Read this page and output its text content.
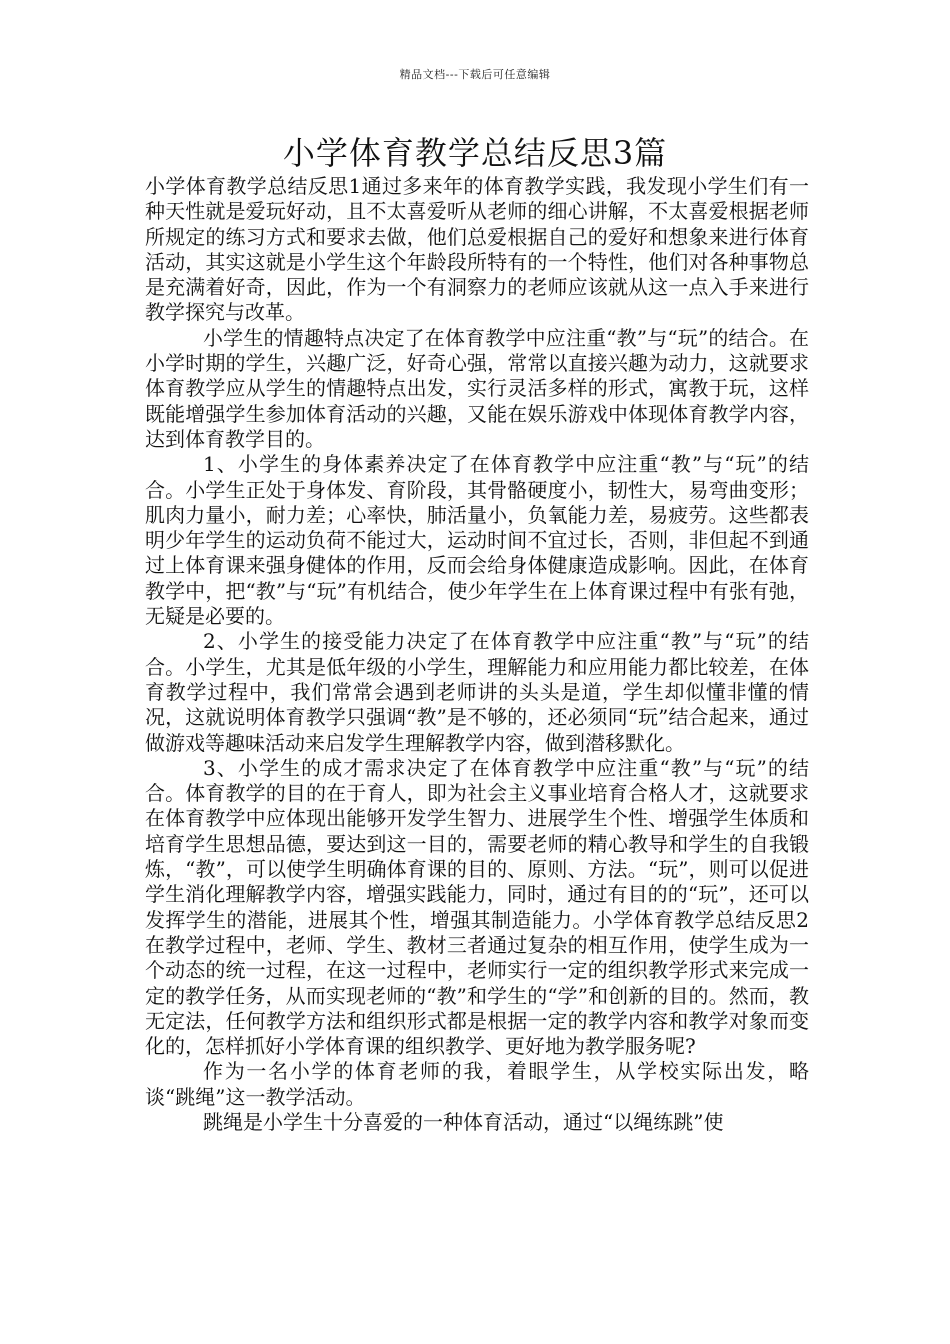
精品文档---下载后可任意编辑
小学体育教学总结反思3篇

小学体育教学总结反思1通过多来年的体育教学实践，我发现小学生们有一种天性就是爱玩好动，且不太喜爱听从老师的细心讲解，不太喜爱根据老师所规定的练习方式和要求去做，他们总爱根据自己的爱好和想象来进行体育活动，其实这就是小学生这个年龄段所特有的一个特性，他们对各种事物总是充满着好奇，因此，作为一个有洞察力的老师应该就从这一点入手来进行教学探究与改革。

小学生的情趣特点决定了在体育教学中应注重“教”与“玩”的结合。在小学时期的学生，兴趣广泛，好奇心强，常常以直接兴趣为动力，这就要求体育教学应从学生的情趣特点出发，实行灵活多样的形式，寓教于玩，这样既能增强学生参加体育活动的兴趣，又能在娱乐游戏中体现体育教学内容，达到体育教学目的。

1、小学生的身体素养决定了在体育教学中应注重“教”与“玩”的结合。小学生正处于身体发、育阶段，其骨骼硬度小，韧性大，易弯曲变形；肌肉力量小，耐力差；心率快，肺活量小，负氧能力差，易疲劳。这些都表明少年学生的运动负荷不能过大，运动时间不宜过长，否则，非但起不到通过上体育课来强身健体的作用，反而会给身体健康造成影响。因此，在体育教学中，把“教”与“玩”有机结合，使少年学生在上体育课过程中有张有弛，无疑是必要的。

2、小学生的接受能力决定了在体育教学中应注重“教”与“玩”的结合。小学生，尤其是低年级的小学生，理解能力和应用能力都比较差，在体育教学过程中，我们常常会遇到老师讲的头头是道，学生却似懂非懂的情况，这就说明体育教学只强调“教”是不够的，还必须同“玩”结合起来，通过做游戏等趣味活动来启发学生理解教学内容，做到潜移默化。

3、小学生的成才需求决定了在体育教学中应注重“教”与“玩”的结合。体育教学的目的在于育人，即为社会主义事业培育合格人才，这就要求在体育教学中应体现出能够开发学生智力、进展学生个性、增强学生体质和培育学生思想品德，要达到这一目的，需要老师的精心教导和学生的自我锻炼，“教”，可以使学生明确体育课的目的、原则、方法。“玩”，则可以促进学生消化理解教学内容，增强实践能力，同时，通过有目的的“玩”，还可以发挥学生的潜能，进展其个性，增强其制造能力。小学体育教学总结反思2在教学过程中，老师、学生、教材三者通过复杂的相互作用，使学生成为一个动态的统一过程，在这一过程中，老师实行一定的组织教学形式来完成一定的教学任务，从而实现老师的“教”和学生的“学”和创新的目的。然而，教无定法，任何教学方法和组织形式都是根据一定的教学内容和教学对象而变化的，怎样抓好小学体育课的组织教学、更好地为教学服务呢?

作为一名小学的体育老师的我，着眼学生，从学校实际出发，略谈“跳绳”这一教学活动。

跳绳是小学生十分喜爱的一种体育活动，通过“以绳练跳”使
